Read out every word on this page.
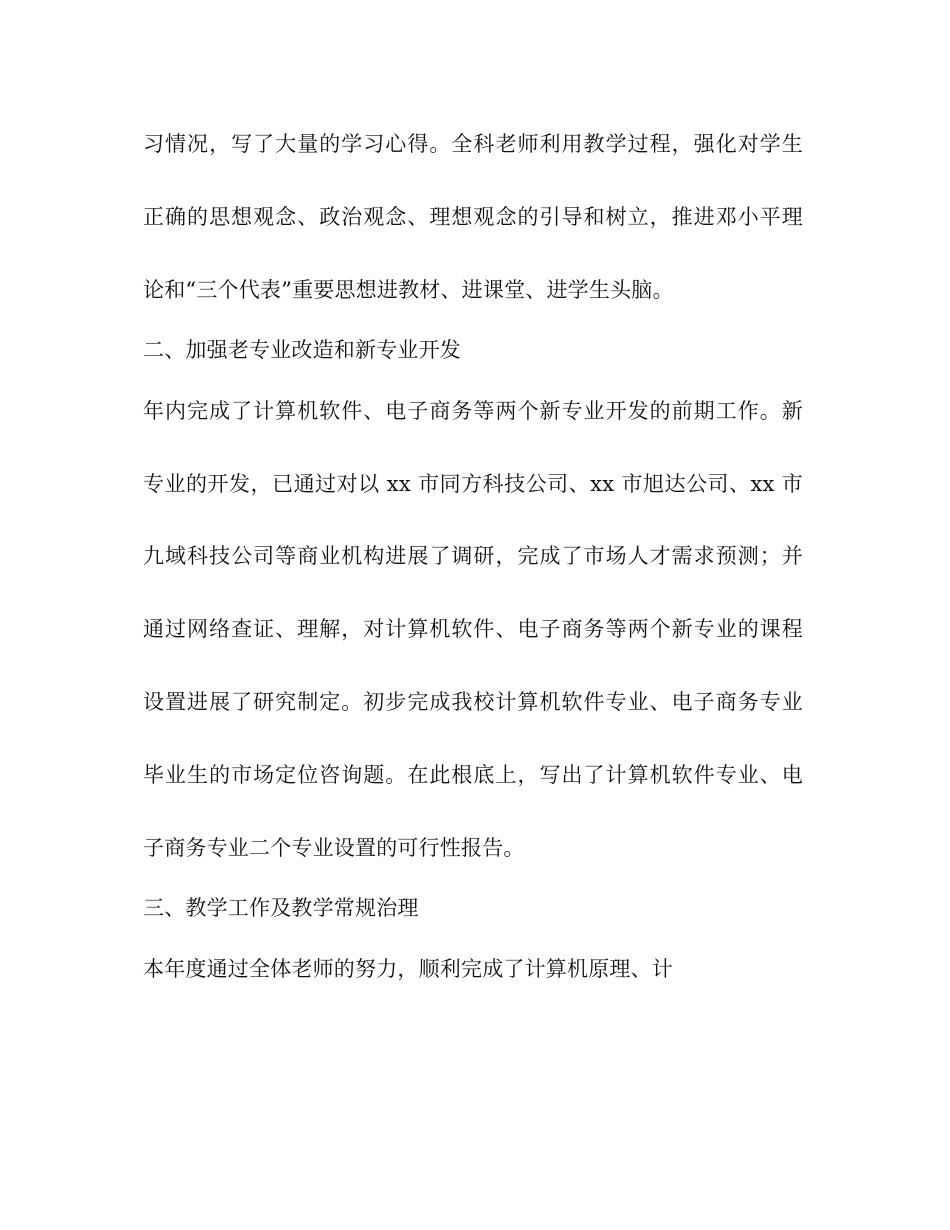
习情况，写了大量的学习心得。全科老师利用教学过程，强化对学生
正确的思想观念、政治观念、理想观念的引导和树立，推进邓小平理
论和“三个代表”重要思想进教材、进课堂、进学生头脑。
二、加强老专业改造和新专业开发
年内完成了计算机软件、电子商务等两个新专业开发的前期工作。新
专业的开发，已通过对以 xx 市同方科技公司、xx 市旭达公司、xx 市
九域科技公司等商业机构进展了调研，完成了市场人才需求预测；并
通过网络查证、理解，对计算机软件、电子商务等两个新专业的课程
设置进展了研究制定。初步完成我校计算机软件专业、电子商务专业
毕业生的市场定位咨询题。在此根底上，写出了计算机软件专业、电
子商务专业二个专业设置的可行性报告。
三、教学工作及教学常规治理
本年度通过全体老师的努力，顺利完成了计算机原理、计
